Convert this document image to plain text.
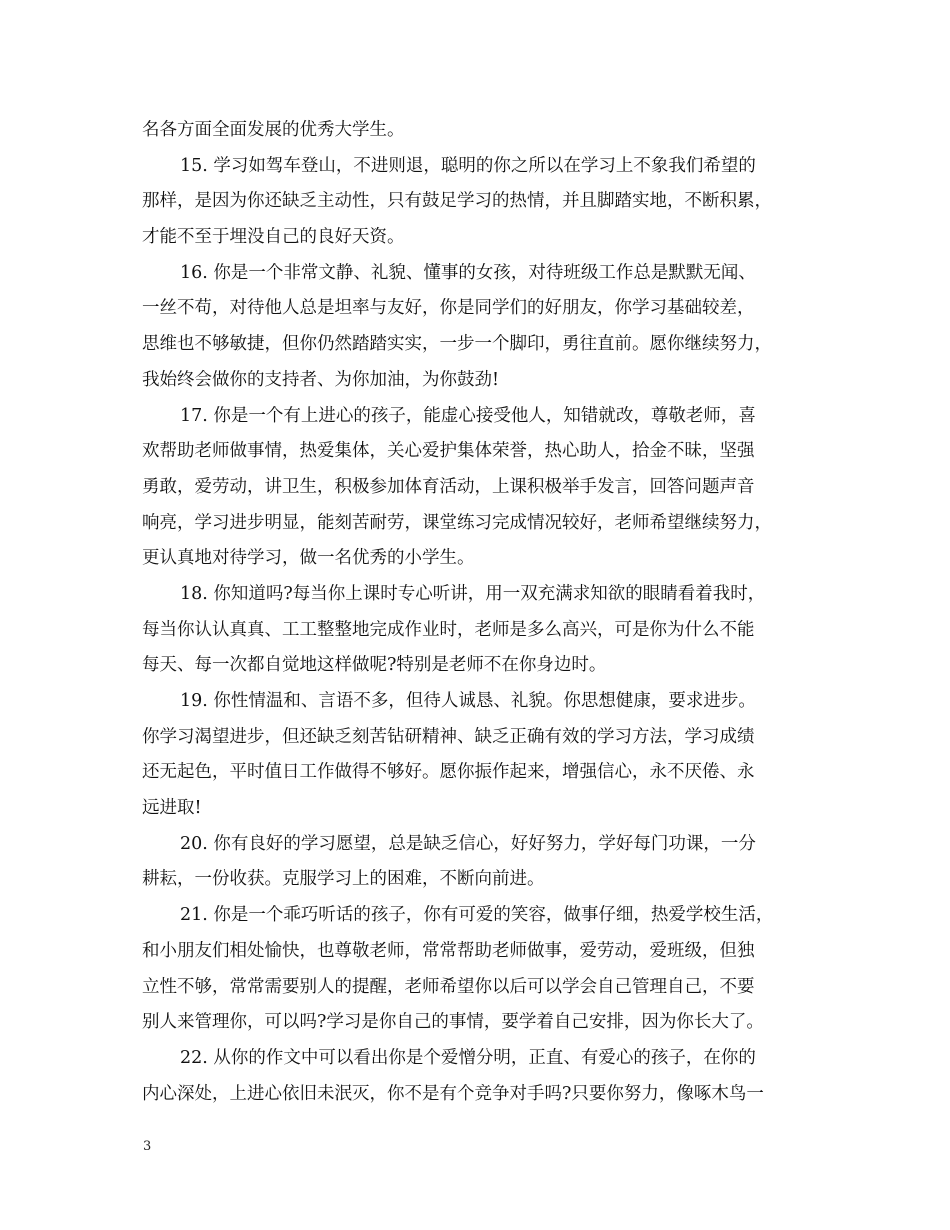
名各方面全面发展的优秀大学生。
15. 学习如驾车登山，不进则退，聪明的你之所以在学习上不象我们希望的
那样，是因为你还缺乏主动性，只有鼓足学习的热情，并且脚踏实地，不断积累，
才能不至于埋没自己的良好天资。
16. 你是一个非常文静、礼貌、懂事的女孩，对待班级工作总是默默无闻、
一丝不苟，对待他人总是坦率与友好，你是同学们的好朋友，你学习基础较差，
思维也不够敏捷，但你仍然踏踏实实，一步一个脚印，勇往直前。愿你继续努力，
我始终会做你的支持者、为你加油，为你鼓劲!
17. 你是一个有上进心的孩子，能虚心接受他人，知错就改，尊敬老师，喜
欢帮助老师做事情，热爱集体，关心爱护集体荣誉，热心助人，拾金不昧，坚强
勇敢，爱劳动，讲卫生，积极参加体育活动，上课积极举手发言，回答问题声音
响亮，学习进步明显，能刻苦耐劳，课堂练习完成情况较好，老师希望继续努力，
更认真地对待学习，做一名优秀的小学生。
18. 你知道吗?每当你上课时专心听讲，用一双充满求知欲的眼睛看着我时，
每当你认认真真、工工整整地完成作业时，老师是多么高兴，可是你为什么不能
每天、每一次都自觉地这样做呢?特别是老师不在你身边时。
19. 你性情温和、言语不多，但待人诚恳、礼貌。你思想健康，要求进步。
你学习渴望进步，但还缺乏刻苦钻研精神、缺乏正确有效的学习方法，学习成绩
还无起色，平时值日工作做得不够好。愿你振作起来，增强信心，永不厌倦、永
远进取!
20. 你有良好的学习愿望，总是缺乏信心，好好努力，学好每门功课，一分
耕耘，一份收获。克服学习上的困难，不断向前进。
21. 你是一个乖巧听话的孩子，你有可爱的笑容，做事仔细，热爱学校生活，
和小朋友们相处愉快，也尊敬老师，常常帮助老师做事，爱劳动，爱班级，但独
立性不够，常常需要别人的提醒，老师希望你以后可以学会自己管理自己，不要
别人来管理你，可以吗?学习是你自己的事情，要学着自己安排，因为你长大了。
22. 从你的作文中可以看出你是个爱憎分明，正直、有爱心的孩子，在你的
内心深处，上进心依旧未泯灭，你不是有个竞争对手吗?只要你努力，像啄木鸟一
3
